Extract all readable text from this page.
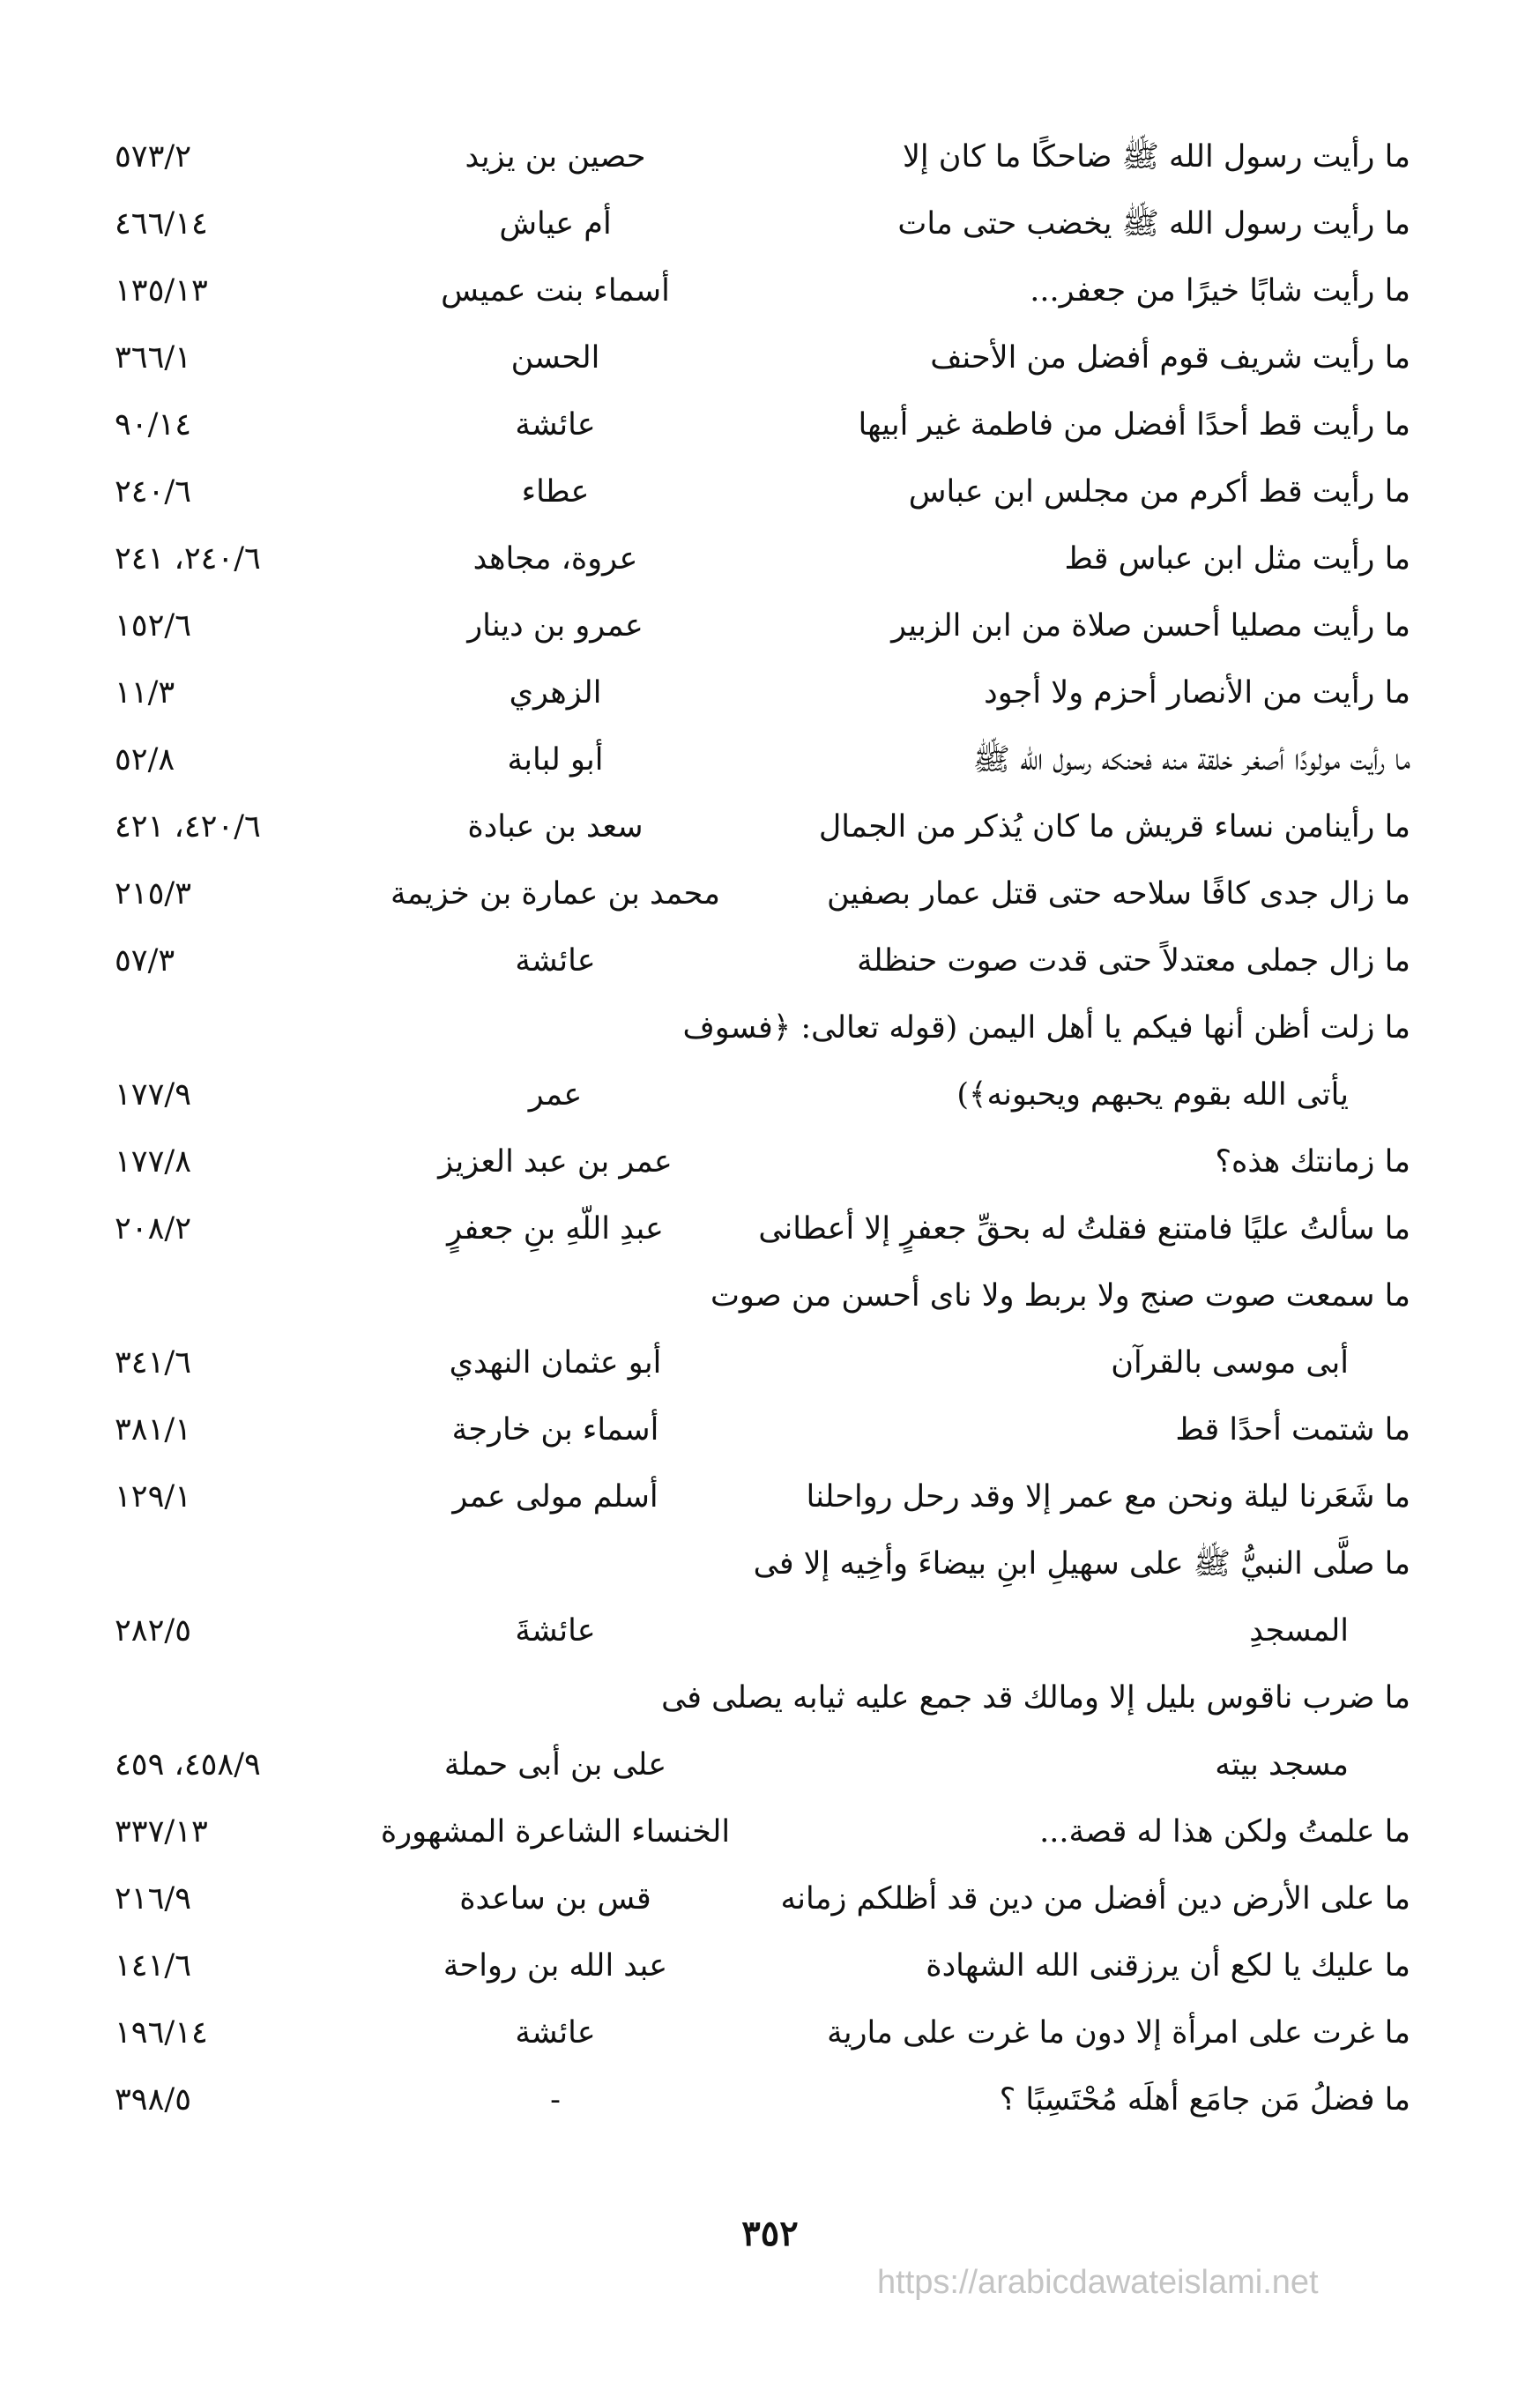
ما رأيت رسول الله ﷺ ضاحكًا ما كان إلا
حصين بن يزيد
٥٧٣/٢
ما رأيت رسول الله ﷺ يخضب حتى مات
أم عياش
٤٦٦/١٤
ما رأيت شابًا خيرًا من جعفر...
أسماء بنت عميس
١٣٥/١٣
ما رأيت شريف قوم أفضل من الأحنف
الحسن
٣٦٦/١
ما رأيت قط أحدًا أفضل من فاطمة غير أبيها
عائشة
٩٠/١٤
ما رأيت قط أكرم من مجلس ابن عباس
عطاء
٢٤٠/٦
ما رأيت مثل ابن عباس قط
عروة، مجاهد
٢٤٠/٦، ٢٤١
ما رأيت مصليا أحسن صلاة من ابن الزبير
عمرو بن دينار
١٥٢/٦
ما رأيت من الأنصار أحزم ولا أجود
الزهري
١١/٣
ما رأيت مولودًا أصغر خلقة منه فحنكه رسول الله ﷺ
أبو لبابة
٥٢/٨
ما رأينامن نساء قريش ما كان يُذكر من الجمال
سعد بن عبادة
٤٢٠/٦، ٤٢١
ما زال جدى كافًا سلاحه حتى قتل عمار بصفين
محمد بن عمارة بن خزيمة
٢١٥/٣
ما زال جملى معتدلاً حتى قدت صوت حنظلة
عائشة
٥٧/٣
ما زلت أظن أنها فيكم يا أهل اليمن (قوله تعالى: ﴿فسوف
يأتى الله بقوم يحبهم ويحبونه﴾)
عمر
١٧٧/٩
ما زمانتك هذه؟
عمر بن عبد العزيز
١٧٧/٨
ما سألتُ عليًا فامتنع فقلتُ له بحقِّ جعفرٍ إلا أعطانى
عبدِ اللّهِ بنِ جعفرٍ
٢٠٨/٢
ما سمعت صوت صنج ولا بربط ولا ناى أحسن من صوت
أبى موسى بالقرآن
أبو عثمان النهدي
٣٤١/٦
ما شتمت أحدًا قط
أسماء بن خارجة
٣٨١/١
ما شَعَرنا ليلة ونحن مع عمر إلا وقد رحل رواحلنا
أسلم مولى عمر
١٢٩/١
ما صلَّى النبيُّ ﷺ على سهيلِ ابنِ بيضاءَ وأخِيه إلا فى
المسجدِ
عائشةَ
٢٨٢/٥
ما ضرب ناقوس بليل إلا ومالك قد جمع عليه ثيابه يصلى فى
مسجد بيته
على بن أبى حملة
٤٥٨/٩، ٤٥٩
ما علمتُ ولكن هذا له قصة...
الخنساء الشاعرة المشهورة
٣٣٧/١٣
ما على الأرض دين أفضل من دين قد أظلكم زمانه
قس بن ساعدة
٢١٦/٩
ما عليك يا لكع أن يرزقنى الله الشهادة
عبد الله بن رواحة
١٤١/٦
ما غرت على امرأة إلا دون ما غرت على مارية
عائشة
١٩٦/١٤
ما فضلُ مَن جامَع أهلَه مُحْتَسِبًا ؟
-
٣٩٨/٥
٣٥٢
https://arabicdawateislami.net
